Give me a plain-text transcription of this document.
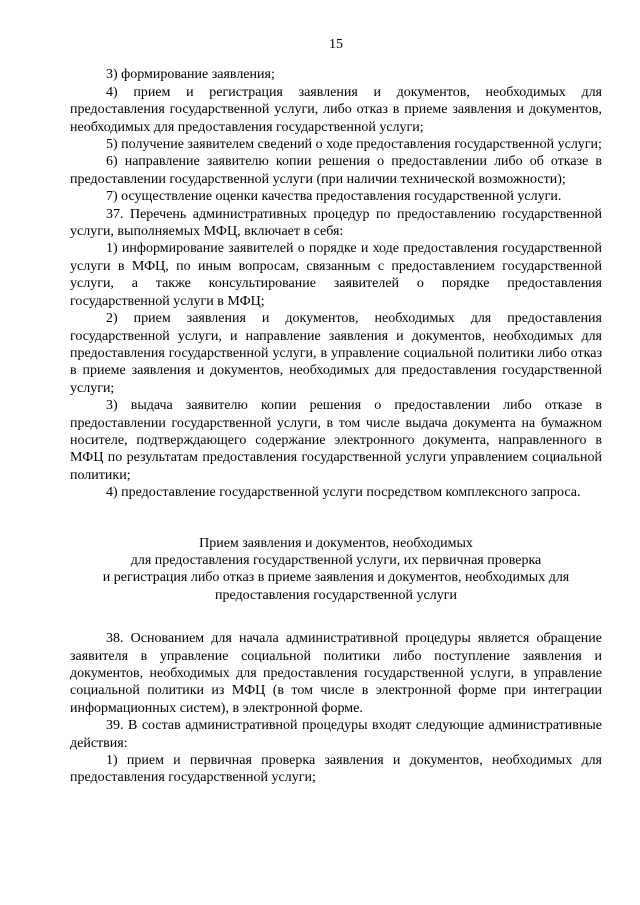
15

3) формирование заявления;

4) прием и регистрация заявления и документов, необходимых для предоставления государственной услуги, либо отказ в приеме заявления и документов, необходимых для предоставления государственной услуги;

5) получение заявителем сведений о ходе предоставления государственной услуги;

6) направление заявителю копии решения о предоставлении либо об отказе в предоставлении государственной услуги (при наличии технической возможности);

7) осуществление оценки качества предоставления государственной услуги.

37. Перечень административных процедур по предоставлению государственной услуги, выполняемых МФЦ, включает в себя:

1) информирование заявителей о порядке и ходе предоставления государственной услуги в МФЦ, по иным вопросам, связанным с предоставлением государственной услуги, а также консультирование заявителей о порядке предоставления государственной услуги в МФЦ;

2) прием заявления и документов, необходимых для предоставления государственной услуги, и направление заявления и документов, необходимых для предоставления государственной услуги, в управление социальной политики либо отказ в приеме заявления и документов, необходимых для предоставления государственной услуги;

3) выдача заявителю копии решения о предоставлении либо отказе в предоставлении государственной услуги, в том числе выдача документа на бумажном носителе, подтверждающего содержание электронного документа, направленного в МФЦ по результатам предоставления государственной услуги управлением социальной политики;

4) предоставление государственной услуги посредством комплексного запроса.

Прием заявления и документов, необходимых
для предоставления государственной услуги, их первичная проверка
и регистрация либо отказ в приеме заявления и документов, необходимых для
предоставления государственной услуги

38. Основанием для начала административной процедуры является обращение заявителя в управление социальной политики либо поступление заявления и документов, необходимых для предоставления государственной услуги, в управление социальной политики из МФЦ (в том числе в электронной форме при интеграции информационных систем), в электронной форме.

39. В состав административной процедуры входят следующие административные действия:

1) прием и первичная проверка заявления и документов, необходимых для предоставления государственной услуги;
